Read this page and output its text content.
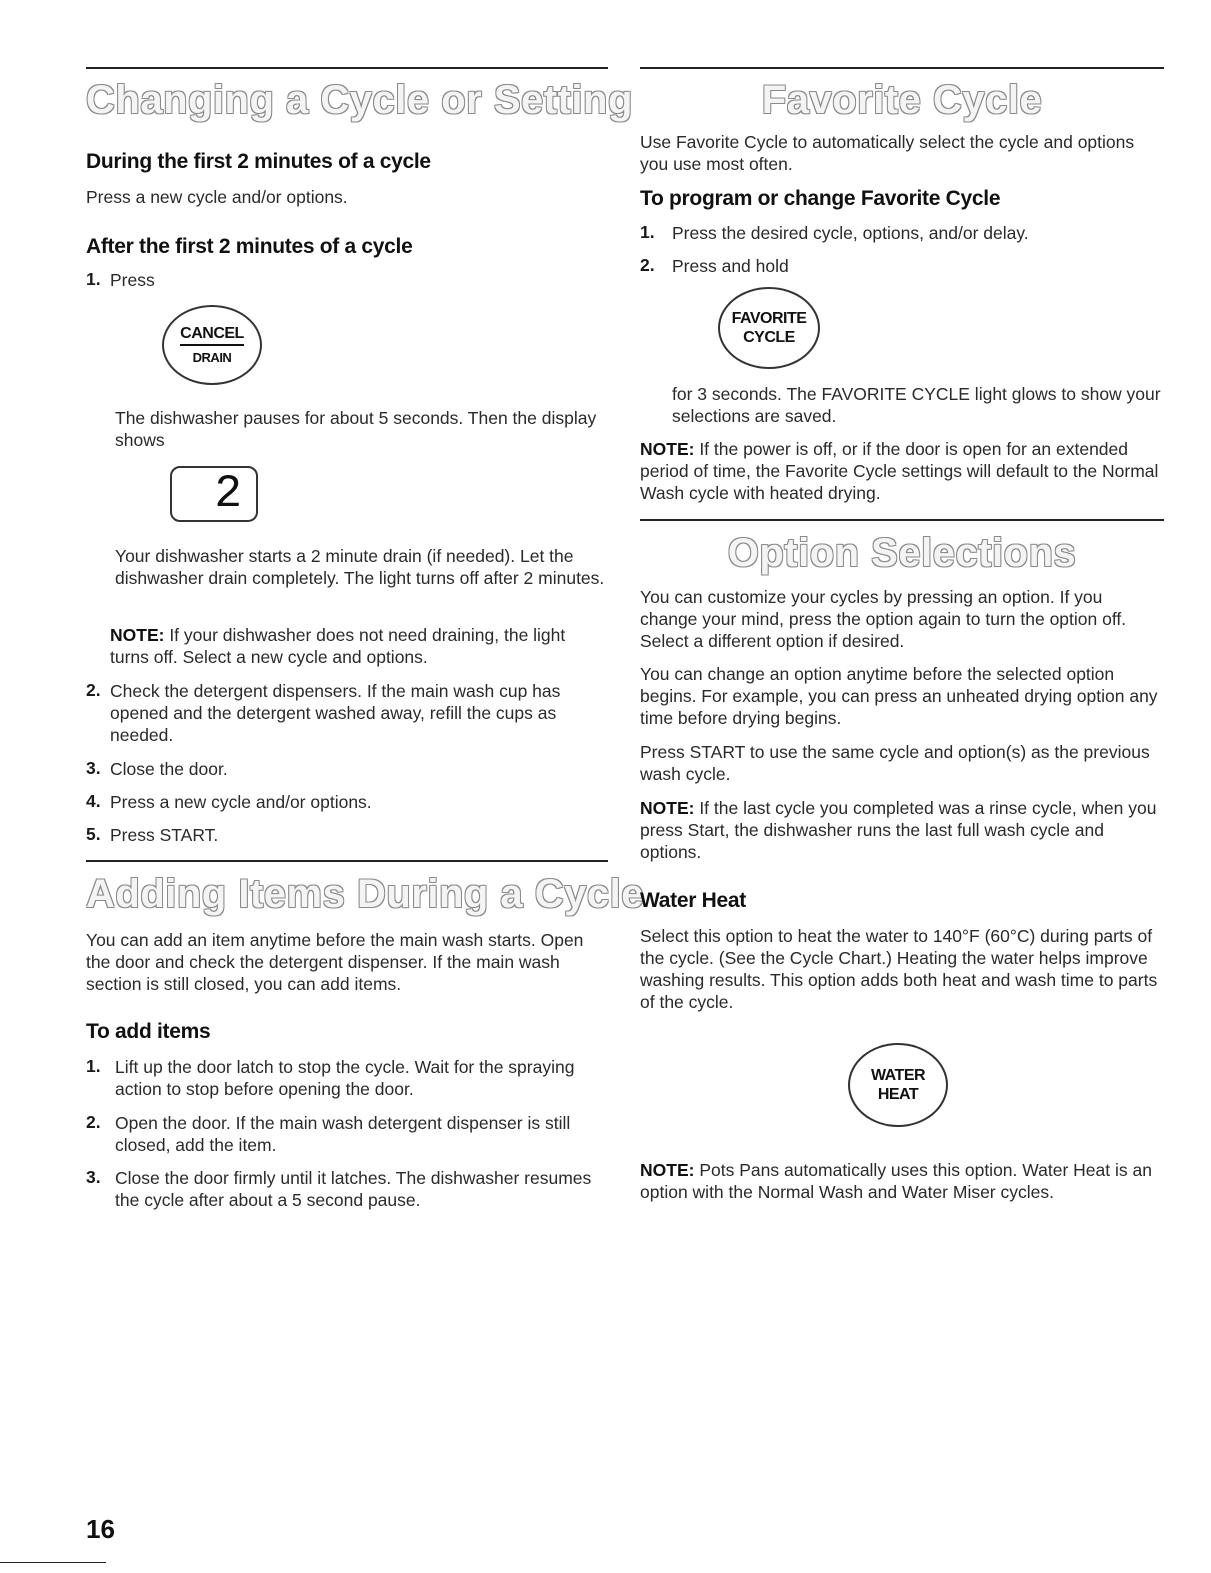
Changing a Cycle or Setting
During the first 2 minutes of a cycle

Press a new cycle and/or options.

After the first 2 minutes of a cycle
1. Press

CANCEL
DRAIN

The dishwasher pauses for about 5 seconds. Then the display shows

2

Your dishwasher starts a 2 minute drain (if needed). Let the dishwasher drain completely. The light turns off after 2 minutes.

NOTE: If your dishwasher does not need draining, the light turns off. Select a new cycle and options.

2. Check the detergent dispensers. If the main wash cup has opened and the detergent washed away, refill the cups as needed.

3. Close the door.

4. Press a new cycle and/or options.

5. Press START.

Adding Items During a Cycle

You can add an item anytime before the main wash starts. Open the door and check the detergent dispenser. If the main wash section is still closed, you can add items.

To add items
1. Lift up the door latch to stop the cycle. Wait for the spraying action to stop before opening the door.

2. Open the door. If the main wash detergent dispenser is still closed, add the item.

3. Close the door firmly until it latches. The dishwasher resumes the cycle after about a 5 second pause.

16
Favorite Cycle

Use Favorite Cycle to automatically select the cycle and options you use most often.

To program or change Favorite Cycle
1. Press the desired cycle, options, and/or delay.

2. Press and hold

FAVORITE
CYCLE

for 3 seconds. The FAVORITE CYCLE light glows to show your selections are saved.

NOTE: If the power is off, or if the door is open for an extended period of time, the Favorite Cycle settings will default to the Normal Wash cycle with heated drying.

Option Selections

You can customize your cycles by pressing an option. If you change your mind, press the option again to turn the option off. Select a different option if desired.

You can change an option anytime before the selected option begins. For example, you can press an unheated drying option any time before drying begins.

Press START to use the same cycle and option(s) as the previous wash cycle.

NOTE: If the last cycle you completed was a rinse cycle, when you press Start, the dishwasher runs the last full wash cycle and options.

Water Heat

Select this option to heat the water to 140°F (60°C) during parts of the cycle. (See the Cycle Chart.) Heating the water helps improve washing results. This option adds both heat and wash time to parts of the cycle.

WATER
HEAT

NOTE: Pots Pans automatically uses this option. Water Heat is an option with the Normal Wash and Water Miser cycles.
